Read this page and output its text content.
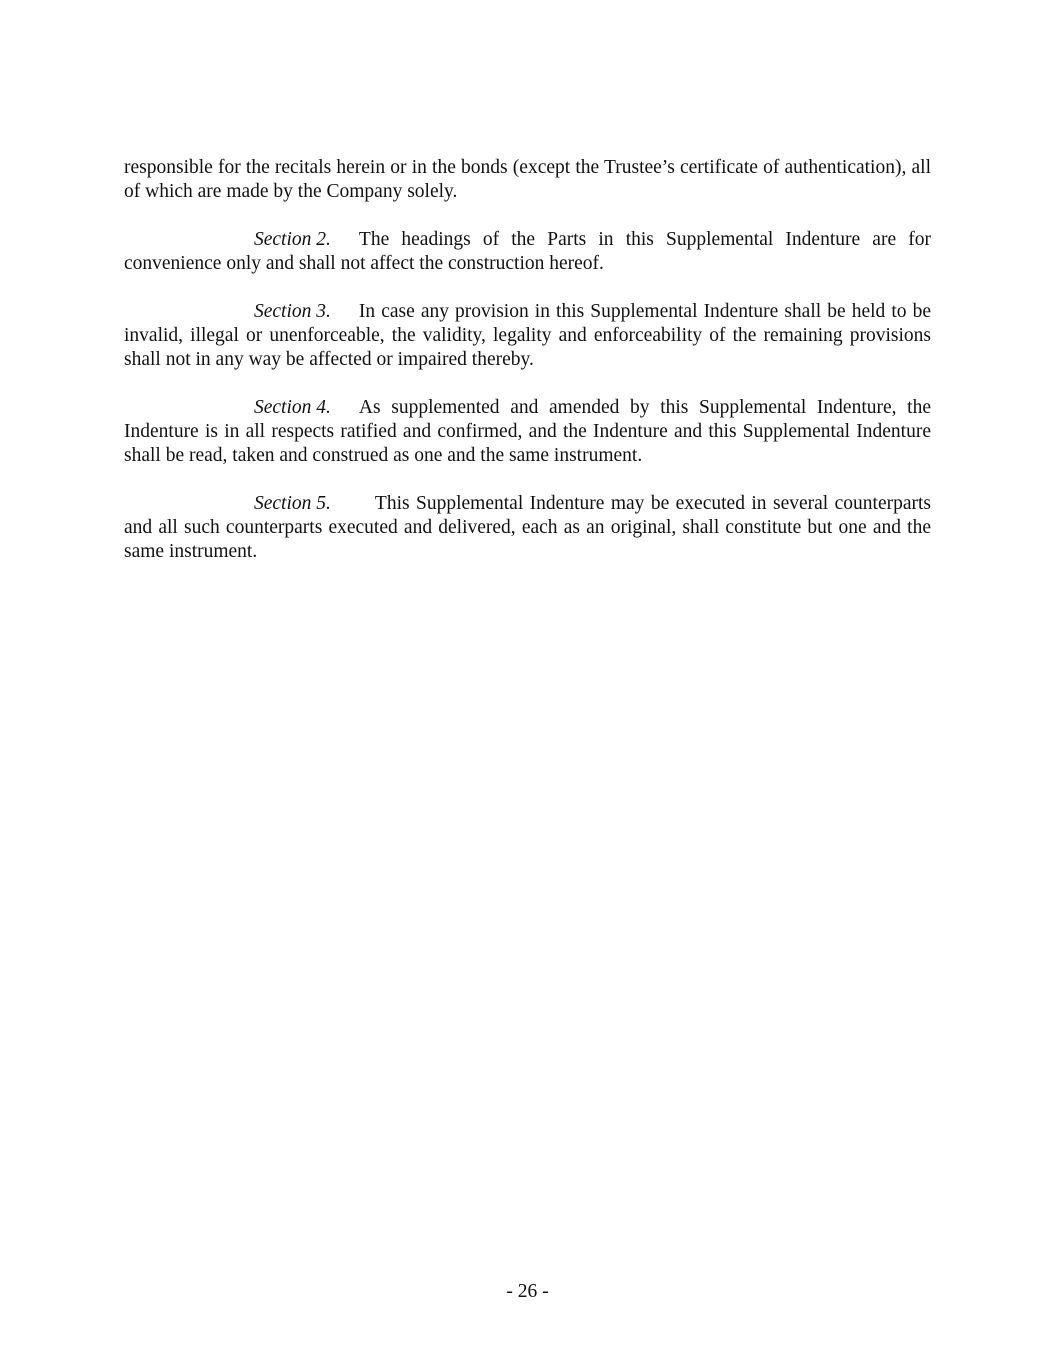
responsible for the recitals herein or in the bonds (except the Trustee’s certificate of authentication), all of which are made by the Company solely.

Section 2. The headings of the Parts in this Supplemental Indenture are for convenience only and shall not affect the construction hereof.

Section 3. In case any provision in this Supplemental Indenture shall be held to be invalid, illegal or unenforceable, the validity, legality and enforceability of the remaining provisions shall not in any way be affected or impaired thereby.

Section 4. As supplemented and amended by this Supplemental Indenture, the Indenture is in all respects ratified and confirmed, and the Indenture and this Supplemental Indenture shall be read, taken and construed as one and the same instrument.

Section 5. This Supplemental Indenture may be executed in several counterparts and all such counterparts executed and delivered, each as an original, shall constitute but one and the same instrument.

- 26 -
